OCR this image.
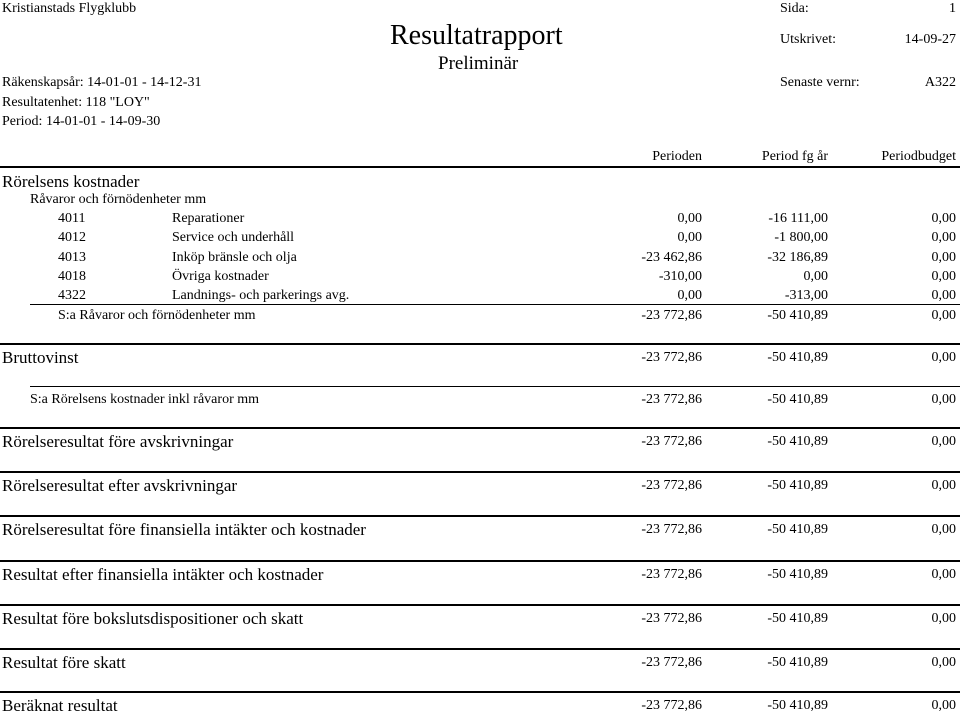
Kristianstads Flygklubb
Resultatrapport
Preliminär
Sida:	1
Utskrivet:	14-09-27
Räkenskapsår: 14-01-01 - 14-12-31
Resultatenhet: 118 "LOY"
Period: 14-01-01 - 14-09-30
Senaste vernr:	A322
Perioden	Period fg år	Periodbudget
Rörelsens kostnader
Råvaror och förnödenheter mm
4011	Reparationer	0,00	-16 111,00	0,00
4012	Service och underhåll	0,00	-1 800,00	0,00
4013	Inköp bränsle och olja	-23 462,86	-32 186,89	0,00
4018	Övriga kostnader	-310,00	0,00	0,00
4322	Landnings- och parkerings avg.	0,00	-313,00	0,00
S:a Råvaror och förnödenheter mm	-23 772,86	-50 410,89	0,00
Bruttovinst	-23 772,86	-50 410,89	0,00
S:a Rörelsens kostnader inkl råvaror mm	-23 772,86	-50 410,89	0,00
Rörelseresultat före avskrivningar	-23 772,86	-50 410,89	0,00
Rörelseresultat efter avskrivningar	-23 772,86	-50 410,89	0,00
Rörelseresultat före finansiella intäkter och kostnader	-23 772,86	-50 410,89	0,00
Resultat efter finansiella intäkter och kostnader	-23 772,86	-50 410,89	0,00
Resultat före bokslutsdispositioner och skatt	-23 772,86	-50 410,89	0,00
Resultat före skatt	-23 772,86	-50 410,89	0,00
Beräknat resultat	-23 772,86	-50 410,89	0,00
